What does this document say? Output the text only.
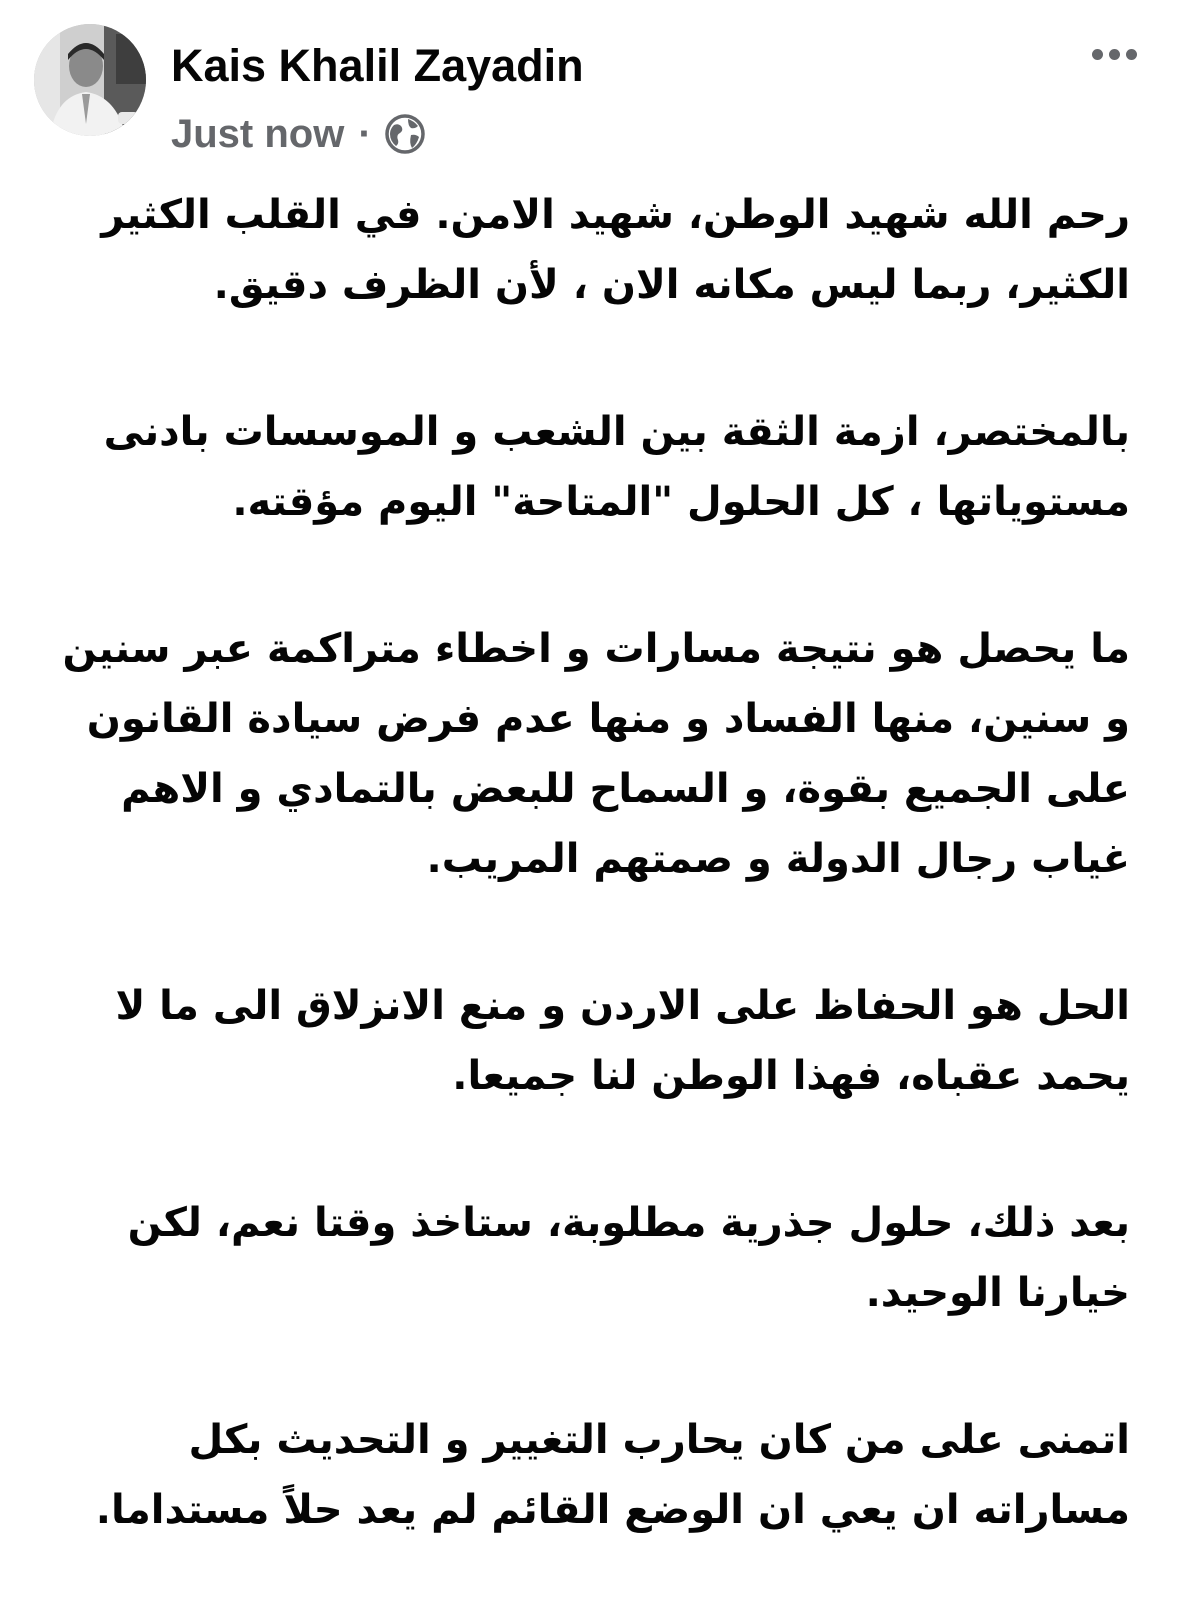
Kais Khalil Zayadin
Just now ·

رحم الله شهيد الوطن، شهيد الامن. في القلب الكثير الكثير، ربما ليس مكانه الان ، لأن الظرف دقيق.

بالمختصر، ازمة الثقة بين الشعب و الموسسات بادنى مستوياتها ، كل الحلول "المتاحة" اليوم مؤقته.

ما يحصل هو نتيجة مسارات و اخطاء متراكمة عبر سنين و سنين، منها الفساد و منها عدم فرض سيادة القانون على الجميع بقوة، و السماح للبعض بالتمادي و الاهم غياب رجال الدولة و صمتهم المريب.

الحل هو الحفاظ على الاردن و منع الانزلاق الى ما لا يحمد عقباه، فهذا الوطن لنا جميعا.

بعد ذلك، حلول جذرية مطلوبة، ستاخذ وقتا نعم، لكن خيارنا الوحيد.

اتمنى على من كان يحارب التغيير و التحديث بكل مساراته ان يعي ان الوضع القائم لم يعد حلاً مستداما.
